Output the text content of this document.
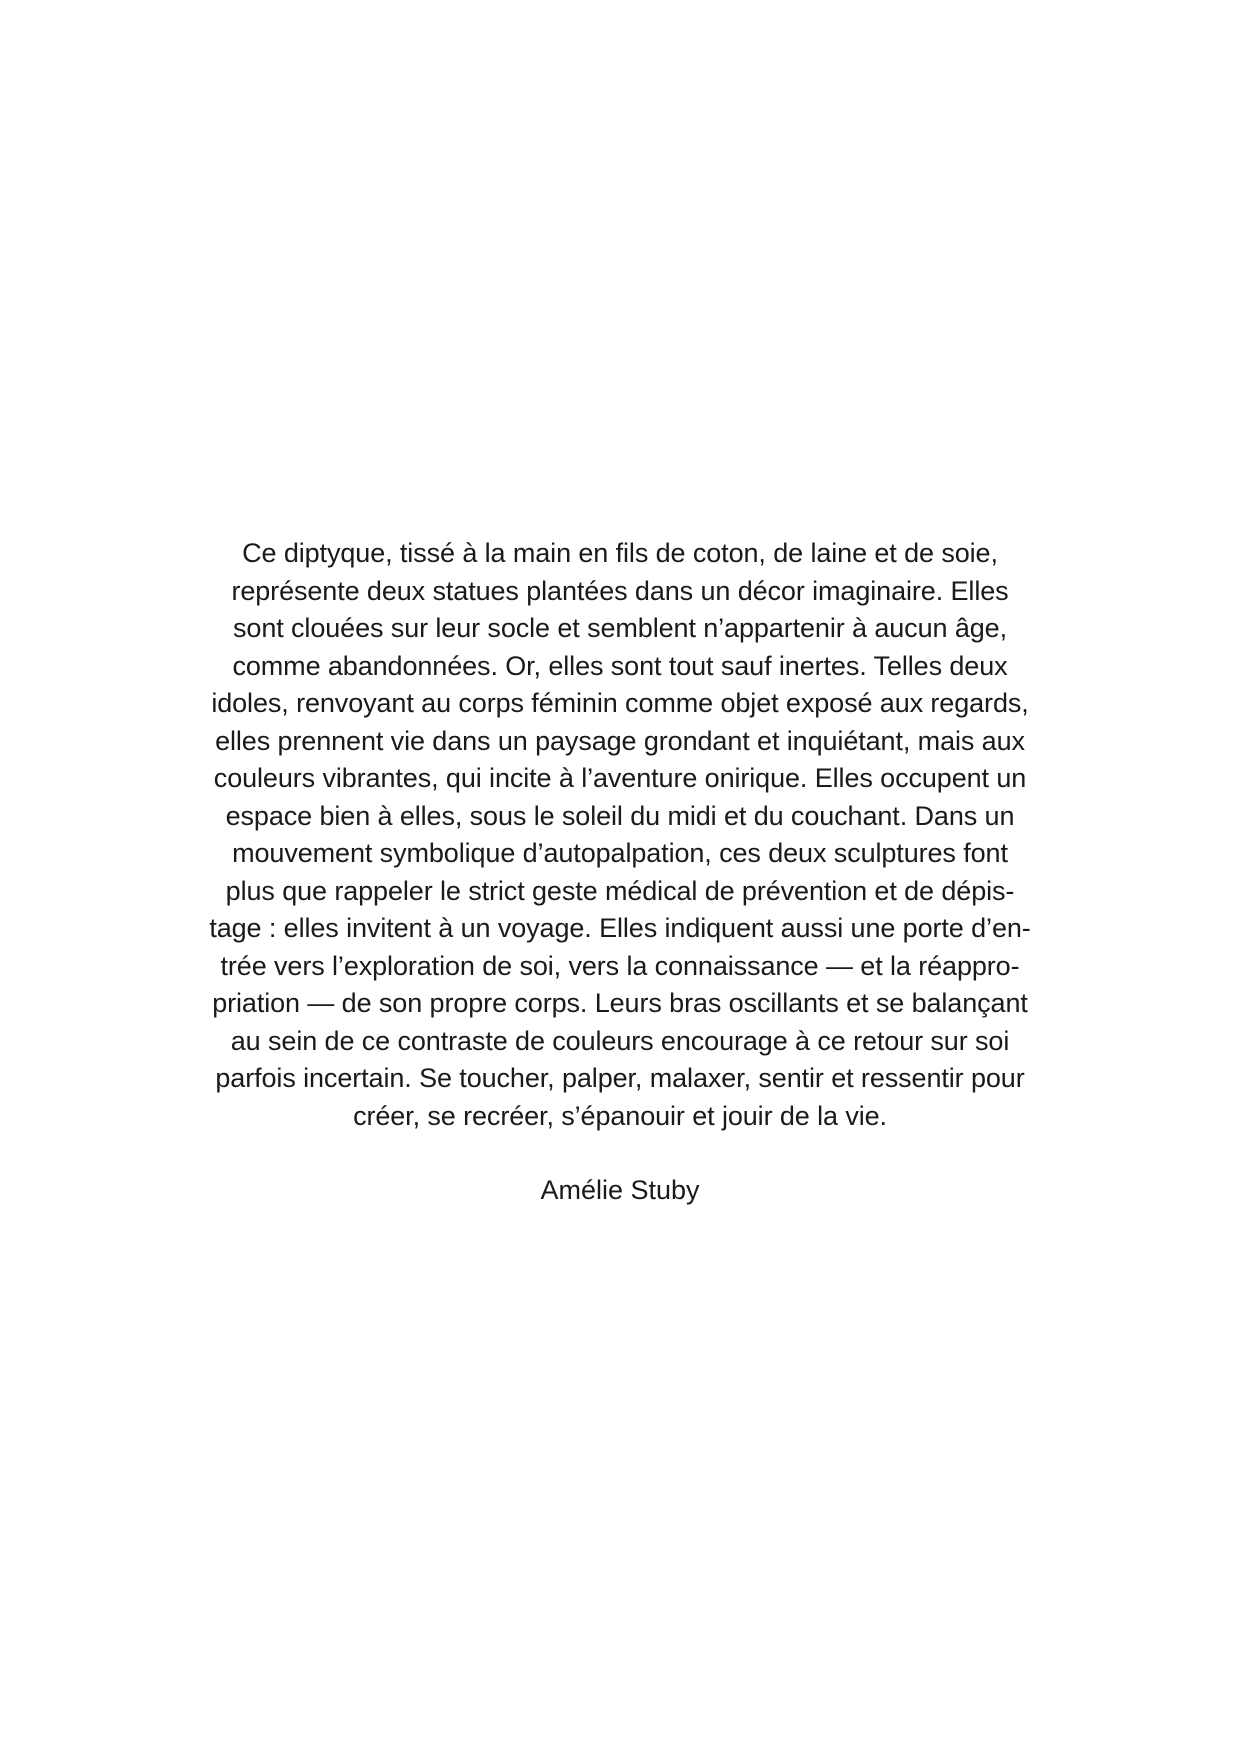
Ce diptyque, tissé à la main en fils de coton, de laine et de soie,
représente deux statues plantées dans un décor imaginaire. Elles
sont clouées sur leur socle et semblent n’appartenir à aucun âge,
comme abandonnées. Or, elles sont tout sauf inertes. Telles deux
idoles, renvoyant au corps féminin comme objet exposé aux regards,
elles prennent vie dans un paysage grondant et inquiétant, mais aux
couleurs vibrantes, qui incite à l’aventure onirique. Elles occupent un
espace bien à elles, sous le soleil du midi et du couchant. Dans un
mouvement symbolique d’autopalpation, ces deux sculptures font
plus que rappeler le strict geste médical de prévention et de dépis-
tage : elles invitent à un voyage. Elles indiquent aussi une porte d’en-
trée vers l’exploration de soi, vers la connaissance — et la réappro-
priation — de son propre corps. Leurs bras oscillants et se balançant
au sein de ce contraste de couleurs encourage à ce retour sur soi
parfois incertain. Se toucher, palper, malaxer, sentir et ressentir pour
créer, se recréer, s’épanouir et jouir de la vie.
Amélie Stuby
